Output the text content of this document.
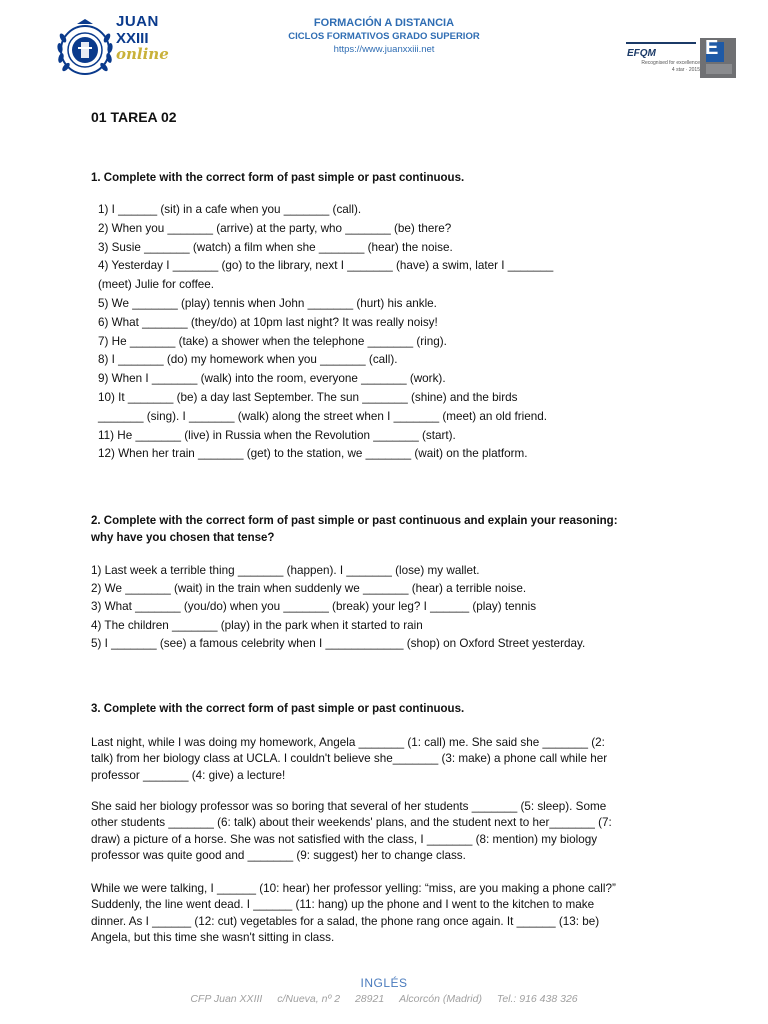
JUAN
XXIII
online
FORMACIÓN A DISTANCIA
CICLOS FORMATIVOS GRADO SUPERIOR
https://www.juanxxiii.net	EFQM
Recognised for excellence
4 star · 2015
E
01 TAREA 02
1. Complete with the correct form of past simple or past continuous.
1) I ______ (sit) in a cafe when you _______ (call).
2) When you _______ (arrive) at the party, who _______ (be) there?
3) Susie _______ (watch) a film when she _______ (hear) the noise.
4) Yesterday I _______ (go) to the library, next I _______ (have) a swim, later I _______
(meet) Julie for coffee.
5) We _______ (play) tennis when John _______ (hurt) his ankle.
6) What _______ (they/do) at 10pm last night? It was really noisy!
7) He _______ (take) a shower when the telephone _______ (ring).
8) I _______ (do) my homework when you _______ (call).
9) When I _______ (walk) into the room, everyone _______ (work).
10) It _______ (be) a day last September. The sun _______ (shine) and the birds
_______ (sing). I _______ (walk) along the street when I _______ (meet) an old friend.
11) He _______ (live) in Russia when the Revolution _______ (start).
12) When her train _______ (get) to the station, we _______ (wait) on the platform.
2. Complete with the correct form of past simple or past continuous and explain your reasoning:
why have you chosen that tense?
1) Last week a terrible thing _______ (happen). I _______ (lose) my wallet.
2) We _______ (wait) in the train when suddenly we _______ (hear) a terrible noise.
3) What _______ (you/do) when you _______ (break) your leg? I ______ (play) tennis
4) The children _______ (play) in the park when it started to rain
5) I _______ (see) a famous celebrity when I ____________ (shop) on Oxford Street yesterday.
3. Complete with the correct form of past simple or past continuous.
Last night, while I was doing my homework, Angela _______ (1: call) me. She said she _______ (2:
talk) from her biology class at UCLA. I couldn't believe she_______ (3: make) a phone call while her
professor _______ (4: give) a lecture!
She said her biology professor was so boring that several of her students _______ (5: sleep). Some
other students _______ (6: talk) about their weekends' plans, and the student next to her_______ (7:
draw) a picture of a horse. She was not satisfied with the class, I _______ (8: mention) my biology
professor was quite good and _______ (9: suggest) her to change class.
While we were talking, I ______ (10: hear) her professor yelling: “miss, are you making a phone call?”
Suddenly, the line went dead. I ______ (11: hang) up the phone and I went to the kitchen to make
dinner. As I ______ (12: cut) vegetables for a salad, the phone rang once again. It ______ (13: be)
Angela, but this time she wasn't sitting in class.
INGLÉS
CFP Juan XXIII c/Nueva, nº 2 28921 Alcorcón (Madrid) Tel.: 916 438 326
